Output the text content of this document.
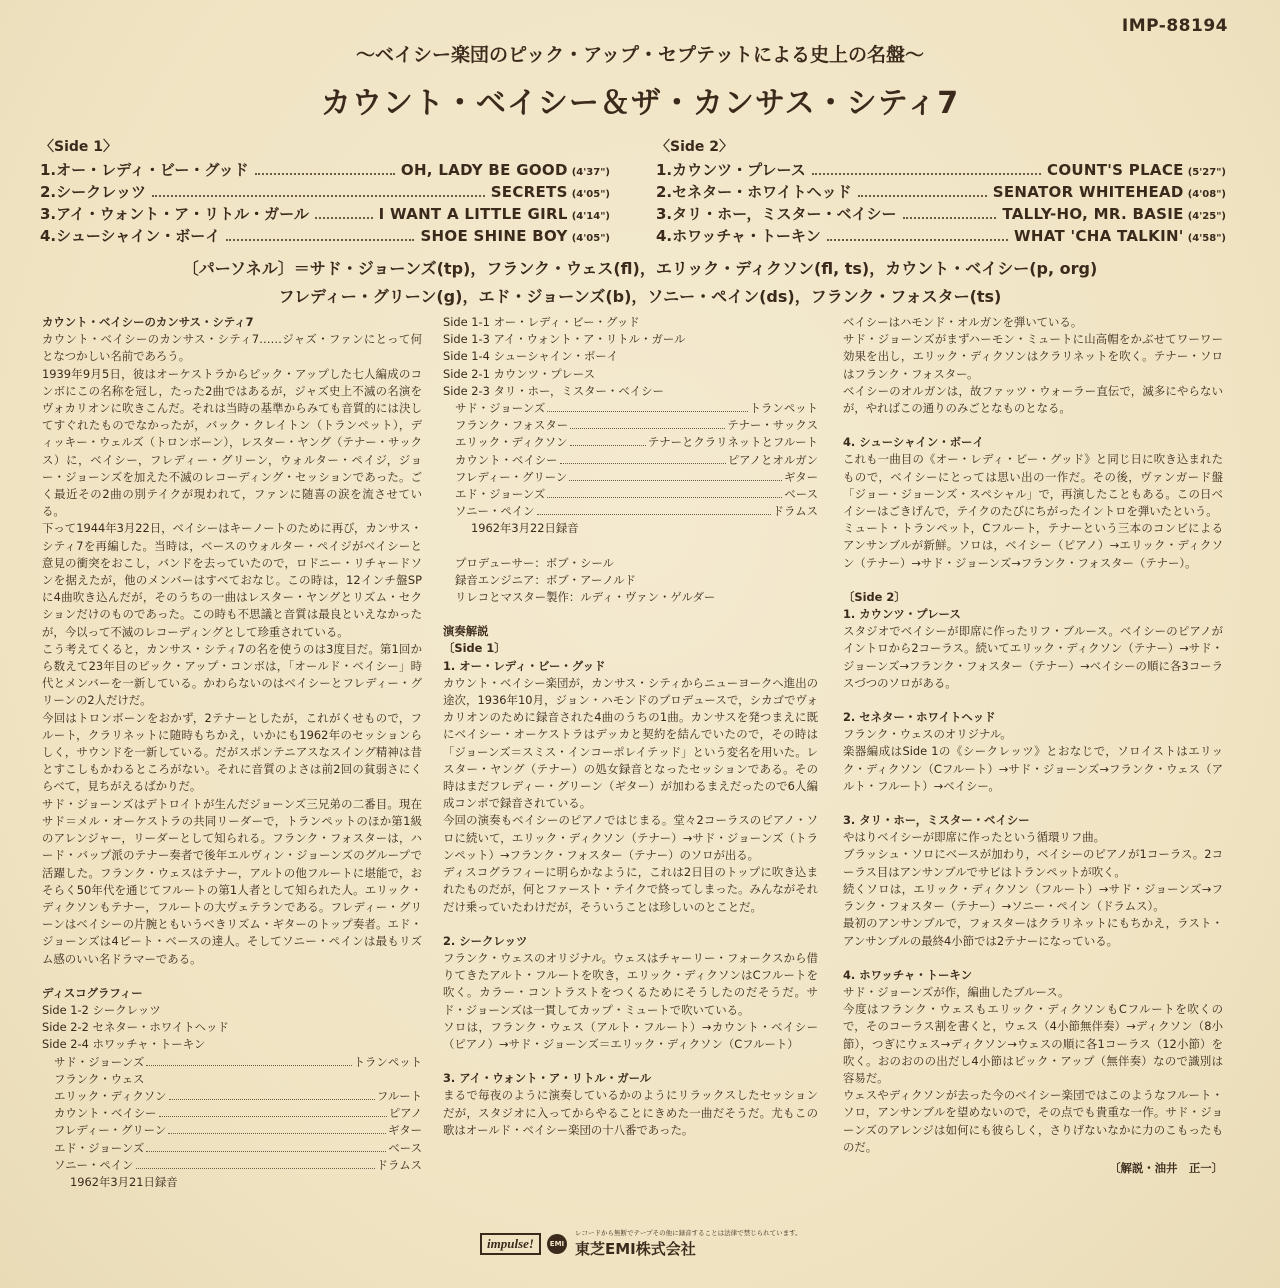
IMP-88194
～ベイシー楽団のピック・アップ・セプテットによる史上の名盤～
カウント・ベイシー＆ザ・カンサス・シティ7
〈Side 1〉
1.オー・レディ・ビー・グッド	OH, LADY BE GOOD (4'37")
2.シークレッツ	SECRETS (4'05")
3.アイ・ウォント・ア・リトル・ガール	I WANT A LITTLE GIRL (4'14")
4.シューシャイン・ボーイ	SHOE SHINE BOY (4'05")
〈Side 2〉
1.カウンツ・プレース	COUNT'S PLACE (5'27")
2.セネター・ホワイトヘッド	SENATOR WHITEHEAD (4'08")
3.タリ・ホー，ミスター・ベイシー	TALLY-HO, MR. BASIE (4'25")
4.ホワッチャ・トーキン	WHAT 'CHA TALKIN' (4'58")
〔パーソネル〕＝サド・ジョーンズ(tp)，フランク・ウェス(fl)，エリック・ディクソン(fl, ts)，カウント・ベイシー(p, org)
フレディー・グリーン(g)，エド・ジョーンズ(b)，ソニー・ペイン(ds)，フランク・フォスター(ts)

カウント・ベイシーのカンサス・シティ7

カウント・ベイシーのカンサス・シティ7……ジャズ・ファンにとって何となつかしい名前であろう。

1939年9月5日，彼はオーケストラからピック・アップした七人編成のコンボにこの名称を冠し，たった2曲ではあるが，ジャズ史上不滅の名演をヴォカリオンに吹きこんだ。それは当時の基準からみても音質的には決してすぐれたものでなかったが，バック・クレイトン（トランペット），ディッキー・ウェルズ（トロンボーン），レスター・ヤング（テナー・サックス）に，ベイシー，フレディー・グリーン，ウォルター・ペイジ，ジョー・ジョーンズを加えた不滅のレコーディング・セッションであった。ごく最近その2曲の別テイクが現われて，ファンに随喜の涙を流させている。

下って1944年3月22日，ベイシーはキーノートのために再び，カンサス・シティ7を再編した。当時は，ベースのウォルター・ペイジがベイシーと意見の衝突をおこし，バンドを去っていたので，ロドニー・リチャードソンを据えたが，他のメンバーはすべておなじ。この時は，12インチ盤SPに4曲吹き込んだが，そのうちの一曲はレスター・ヤングとリズム・セクションだけのものであった。この時も不思議と音質は最良といえなかったが，今以って不滅のレコーディングとして珍重されている。

こう考えてくると，カンサス・シティ7の名を使うのは3度目だ。第1回から数えて23年目のピック・アップ・コンボは，「オールド・ベイシー」時代とメンバーを一新している。かわらないのはベイシーとフレディー・グリーンの2人だけだ。

今回はトロンボーンをおかず，2テナーとしたが，これがくせもので，フルート，クラリネットに随時もちかえ，いかにも1962年のセッションらしく，サウンドを一新している。だがスポンテニアスなスイング精神は昔とすこしもかわるところがない。それに音質のよさは前2回の貧弱さにくらべて，見ちがえるばかりだ。

サド・ジョーンズはデトロイトが生んだジョーンズ三兄弟の二番目。現在サド＝メル・オーケストラの共同リーダーで，トランペットのほか第1級のアレンジャー，リーダーとして知られる。フランク・フォスターは，ハード・バップ派のテナー奏者で後年エルヴィン・ジョーンズのグループで活躍した。フランク・ウェスはテナー，アルトの他フルートに堪能で，おそらく50年代を通じてフルートの第1人者として知られた人。エリック・ディクソンもテナー，フルートの大ヴェテランである。フレディー・グリーンはベイシーの片腕ともいうべきリズム・ギターのトップ奏者。エド・ジョーンズは4ビート・ベースの達人。そしてソニー・ペインは最もリズム感のいい名ドラマーである。

ディスコグラフィー

Side 1-2 シークレッツ
Side 2-2 セネター・ホワイトヘッド
Side 2-4 ホワッチャ・トーキン
サド・ジョーンズ	トランペット
フランク・ウェス
エリック・ディクソン	フルート
カウント・ベイシー	ピアノ
フレディー・グリーン	ギター
エド・ジョーンズ	ベース
ソニー・ペイン	ドラムス
1962年3月21日録音
Side 1-1 オー・レディ・ビー・グッド
Side 1-3 アイ・ウォント・ア・リトル・ガール
Side 1-4 シューシャイン・ボーイ
Side 2-1 カウンツ・プレース
Side 2-3 タリ・ホー，ミスター・ベイシー
サド・ジョーンズ	トランペット
フランク・フォスター	テナー・サックス
エリック・ディクソン	テナーとクラリネットとフルート
カウント・ベイシー	ピアノとオルガン
フレディー・グリーン	ギター
エド・ジョーンズ	ベース
ソニー・ペイン	ドラムス
1962年3月22日録音
プロデューサー：ボブ・シール
録音エンジニア：ボブ・アーノルド
リレコとマスター製作：ルディ・ヴァン・ゲルダー

演奏解説

〔Side 1〕

1. オー・レディ・ビー・グッド

カウント・ベイシー楽団が，カンサス・シティからニューヨークへ進出の途次，1936年10月，ジョン・ハモンドのプロデュースで，シカゴでヴォカリオンのために録音された4曲のうちの1曲。カンサスを発つまえに既にベイシー・オーケストラはデッカと契約を結んでいたので，その時は「ジョーンズ＝スミス・インコーポレイテッド」という変名を用いた。レスター・ヤング（テナー）の処女録音となったセッションである。その時はまだフレディー・グリーン（ギター）が加わるまえだったので6人編成コンボで録音されている。

今回の演奏もベイシーのピアノではじまる。堂々2コーラスのピアノ・ソロに続いて，エリック・ディクソン（テナー）→サド・ジョーンズ（トランペット）→フランク・フォスター（テナー）のソロが出る。

ディスコグラフィーに明らかなように，これは2日目のトップに吹き込まれたものだが，何とファースト・テイクで終ってしまった。みんながそれだけ乗っていたわけだが，そういうことは珍しいのとことだ。

2. シークレッツ

フランク・ウェスのオリジナル。ウェスはチャーリー・フォークスから借りてきたアルト・フルートを吹き，エリック・ディクソンはCフルートを吹く。カラー・コントラストをつくるためにそうしたのだそうだ。サド・ジョーンズは一貫してカップ・ミュートで吹いている。

ソロは，フランク・ウェス（アルト・フルート）→カウント・ベイシー（ピアノ）→サド・ジョーンズ＝エリック・ディクソン（Cフルート）

3. アイ・ウォント・ア・リトル・ガール

まるで毎夜のように演奏しているかのようにリラックスしたセッションだが，スタジオに入ってからやることにきめた一曲だそうだ。尤もこの歌はオールド・ベイシー楽団の十八番であった。

ベイシーはハモンド・オルガンを弾いている。

サド・ジョーンズがまずハーモン・ミュートに山高帽をかぶせてワーワー効果を出し，エリック・ディクソンはクラリネットを吹く。テナー・ソロはフランク・フォスター。

ベイシーのオルガンは，故ファッツ・ウォーラー直伝で，滅多にやらないが，やればこの通りのみごとなものとなる。

4. シューシャイン・ボーイ

これも一曲目の《オー・レディ・ビー・グッド》と同じ日に吹き込まれたもので，ベイシーにとっては思い出の一作だ。その後，ヴァンガード盤「ジョー・ジョーンズ・スペシャル」で，再演したこともある。この日ベイシーはごきげんで，テイクのたびにちがったイントロを弾いたという。

ミュート・トランペット，Cフルート，テナーという三本のコンビによるアンサンブルが新鮮。ソロは，ベイシー（ピアノ）→エリック・ディクソン（テナー）→サド・ジョーンズ→フランク・フォスター（テナー）。

〔Side 2〕

1. カウンツ・プレース

スタジオでベイシーが即席に作ったリフ・ブルース。ベイシーのピアノがイントロから2コーラス。続いてエリック・ディクソン（テナー）→サド・ジョーンズ→フランク・フォスター（テナー）→ベイシーの順に各3コーラスづつのソロがある。

2. セネター・ホワイトヘッド

フランク・ウェスのオリジナル。

楽器編成はSide 1の《シークレッツ》とおなじで，ソロイストはエリック・ディクソン（Cフルート）→サド・ジョーンズ→フランク・ウェス（アルト・フルート）→ベイシー。

3. タリ・ホー，ミスター・ベイシー

やはりベイシーが即席に作ったという循環リフ曲。

ブラッシュ・ソロにベースが加わり，ベイシーのピアノが1コーラス。2コーラス目はアンサンブルでサビはトランペットが吹く。

続くソロは，エリック・ディクソン（フルート）→サド・ジョーンズ→フランク・フォスター（テナー）→ソニー・ペイン（ドラムス）。

最初のアンサンブルで，フォスターはクラリネットにもちかえ，ラスト・アンサンブルの最終4小節では2テナーになっている。

4. ホワッチャ・トーキン

サド・ジョーンズが作，編曲したブルース。

今度はフランク・ウェスもエリック・ディクソンもCフルートを吹くので，そのコーラス割を書くと，ウェス（4小節無伴奏）→ディクソン（8小節），つぎにウェス→ディクソン→ウェスの順に各1コーラス（12小節）を吹く。おのおのの出だし4小節はピック・アップ（無伴奏）なので識別は容易だ。

ウェスやディクソンが去った今のベイシー楽団ではこのようなフルート・ソロ，アンサンブルを望めないので，その点でも貴重な一作。サド・ジョーンズのアレンジは如何にも彼らしく，さりげないなかに力のこもったものだ。

〔解説・油井　正一〕
impulse!	EMI
レコードから無断でテープその他に録音することは法律で禁じられています。
東芝EMI株式会社
